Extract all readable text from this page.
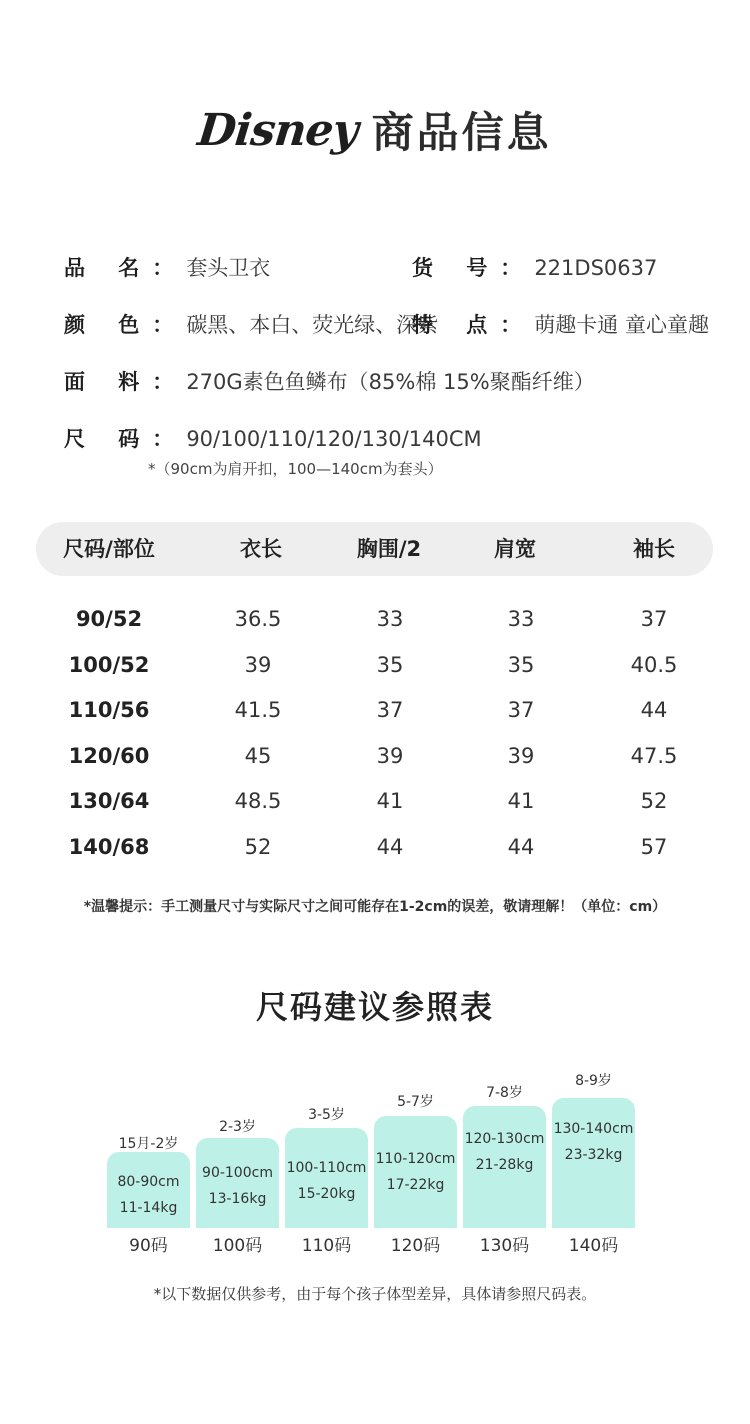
Disney 商品信息
品 名：套头卫衣	货 号：221DS0637
颜 色：碳黑、本白、荧光绿、深紫
特 点：萌趣卡通 童心童趣
面 料：270G素色鱼鳞布（85%棉 15%聚酯纤维）
尺 码：90/100/110/120/130/140CM
*（90cm为肩开扣，100—140cm为套头）
尺码/部位	衣长	胸围/2	肩宽	袖长
90/52	36.5	33	33	37
100/52	39	35	35	40.5
110/56	41.5	37	37	44
120/60	45	39	39	47.5
130/64	48.5	41	41	52
140/68	52	44	44	57
*温馨提示：手工测量尺寸与实际尺寸之间可能存在1-2cm的误差，敬请理解！（单位：cm）
尺码建议参照表
15月-2岁
80-90cm
11-14kg
90码
2-3岁
90-100cm
13-16kg
100码
3-5岁
100-110cm
15-20kg
110码
5-7岁
110-120cm
17-22kg
120码
7-8岁
120-130cm
21-28kg
130码
8-9岁
130-140cm
23-32kg
140码
*以下数据仅供参考，由于每个孩子体型差异，具体请参照尺码表。
